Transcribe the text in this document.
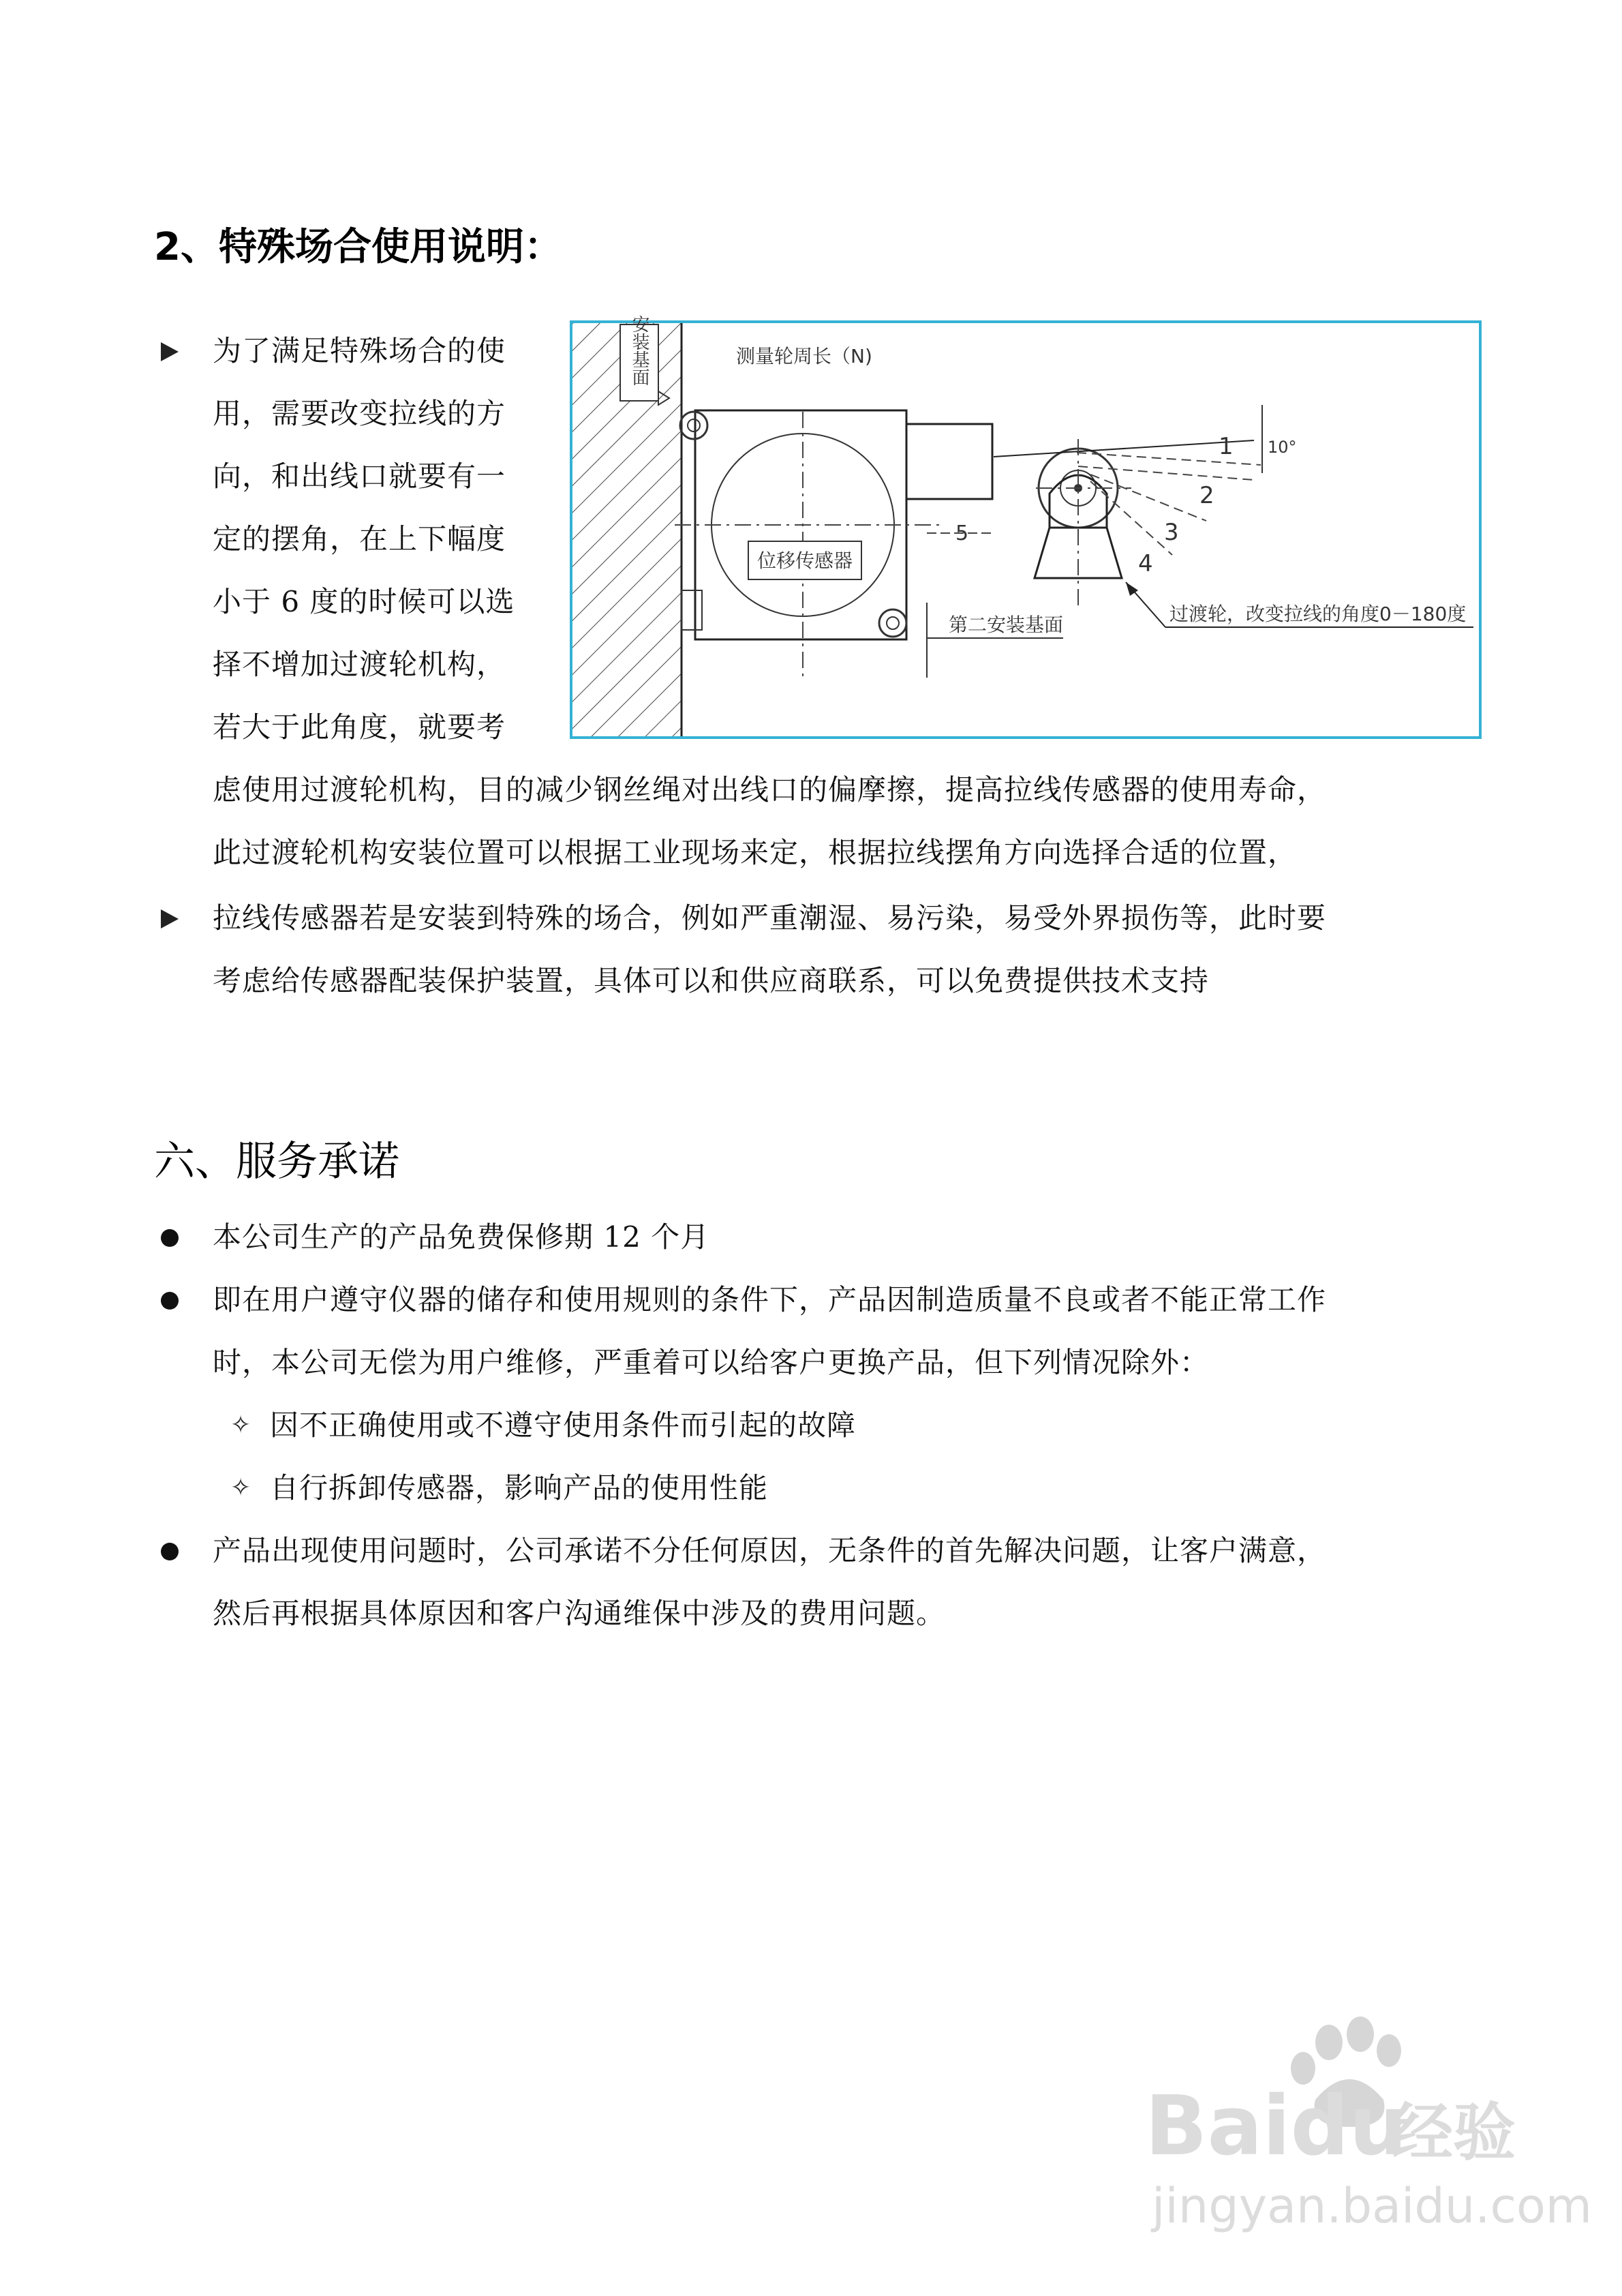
2、特殊场合使用说明：
为了满足特殊场合的使
用，需要改变拉线的方
向，和出线口就要有一
定的摆角，在上下幅度
小于 6 度的时候可以选
择不增加过渡轮机构，
若大于此角度，就要考
虑使用过渡轮机构，目的减少钢丝绳对出线口的偏摩擦，提高拉线传感器的使用寿命，
此过渡轮机构安装位置可以根据工业现场来定，根据拉线摆角方向选择合适的位置，
安装基面
位移传感器
测量轮周长（N)
5
1
2
3
4
10°
第二安装基面	过渡轮，改变拉线的角度0－180度
拉线传感器若是安装到特殊的场合，例如严重潮湿、易污染，易受外界损伤等，此时要
考虑给传感器配装保护装置，具体可以和供应商联系，可以免费提供技术支持
六、服务承诺
本公司生产的产品免费保修期 12 个月
即在用户遵守仪器的储存和使用规则的条件下，产品因制造质量不良或者不能正常工作
时，本公司无偿为用户维修，严重着可以给客户更换产品，但下列情况除外：
✧ 因不正确使用或不遵守使用条件而引起的故障
✧ 自行拆卸传感器，影响产品的使用性能
产品出现使用问题时，公司承诺不分任何原因，无条件的首先解决问题，让客户满意，
然后再根据具体原因和客户沟通维保中涉及的费用问题。
Baidu
经验
jingyan.baidu.com
